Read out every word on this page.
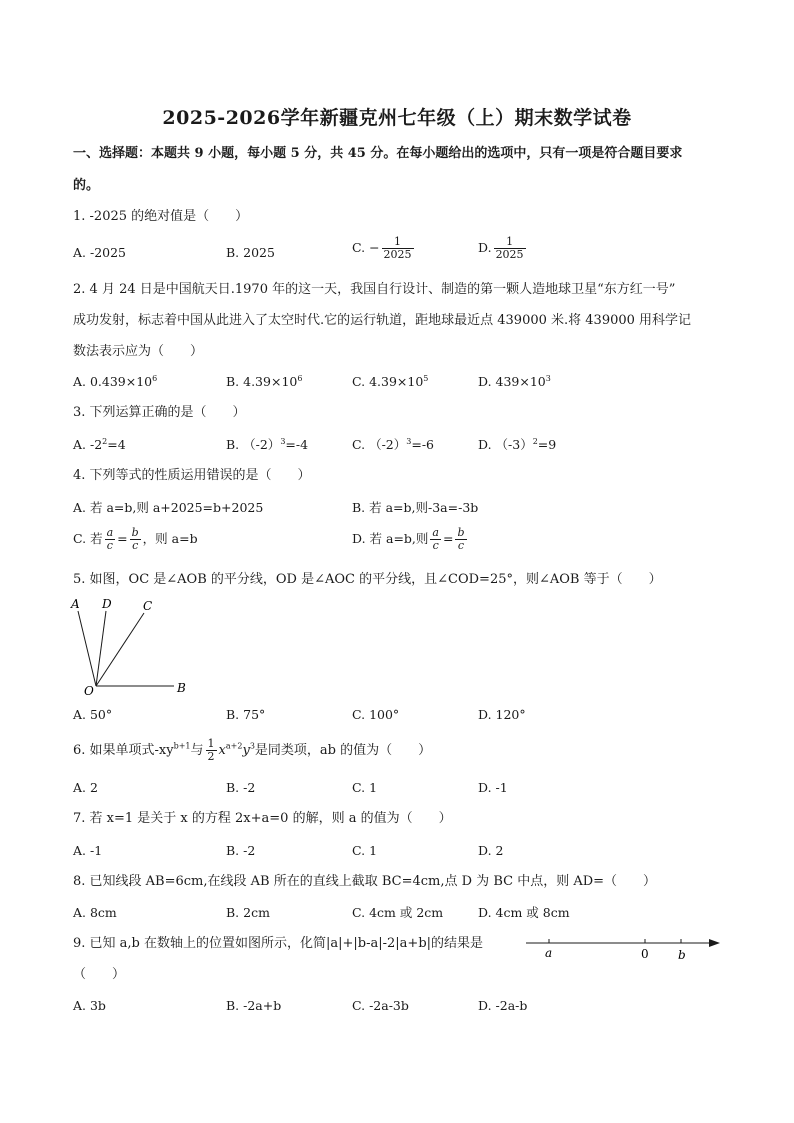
2025-2026学年新疆克州七年级（上）期末数学试卷
一、选择题：本题共 9 小题，每小题 5 分，共 45 分。在每小题给出的选项中，只有一项是符合题目要求
的。
1. -2025 的绝对值是（　　）
A. -2025	B. 2025	C. − $\frac{1}{2025}$	D. $\frac{1}{2025}$
2. 4 月 24 日是中国航天日.1970 年的这一天，我国自行设计、制造的第一颗人造地球卫星“东方红一号”
成功发射，标志着中国从此进入了太空时代.它的运行轨道，距地球最近点 439000 米.将 439000 用科学记
数法表示应为（　　）
A. $0.439\times 10^6$	B. $4.39\times 10^6$	C. $4.39\times 10^5$	D. $439\times 10^3$
3. 下列运算正确的是（　　）
A. $-2^2=4$	B. $(-2)^3=-4$	C. $(-2)^3=-6$	D. $(-3)^2=9$
4. 下列等式的性质运用错误的是（　　）
A. 若 a=b,则 a+2025=b+2025	B. 若 a=b,则-3a=-3b
C. 若 $\frac{a}{c} = \frac{b}{c}$ ，则 a=b	D. 若 a=b,则 $\frac{a}{c} = \frac{b}{c}$
5. 如图，OC 是∠AOB 的平分线，OD 是∠AOC 的平分线，且∠COD=25°，则∠AOB 等于（　　）
A D	C
O	B
A. 50°	B. 75°	C. 100°	D. 120°
6. 如果单项式$-xy^{b+1}$与 $\frac{1}{2} x^{a+2}y^3$是同类项，ab 的值为（　　）
A. 2	B. -2	C. 1	D. -1
7. 若 x=1 是关于 x 的方程 2x+a=0 的解，则 a 的值为（　　）
A. -1	B. -2	C. 1	D. 2
8. 已知线段 AB=6cm,在线段 AB 所在的直线上截取 BC=4cm,点 D 为 BC 中点，则 AD=（　　）
A. 8cm	B. 2cm	C. 4cm 或 2cm	D. 4cm 或 8cm
9. 已知 a,b 在数轴上的位置如图所示，化简|a|+|b-a|-2|a+b|的结果是
（　　）
a	0 b
A. 3b	B. -2a+b	C. -2a-3b	D. -2a-b
